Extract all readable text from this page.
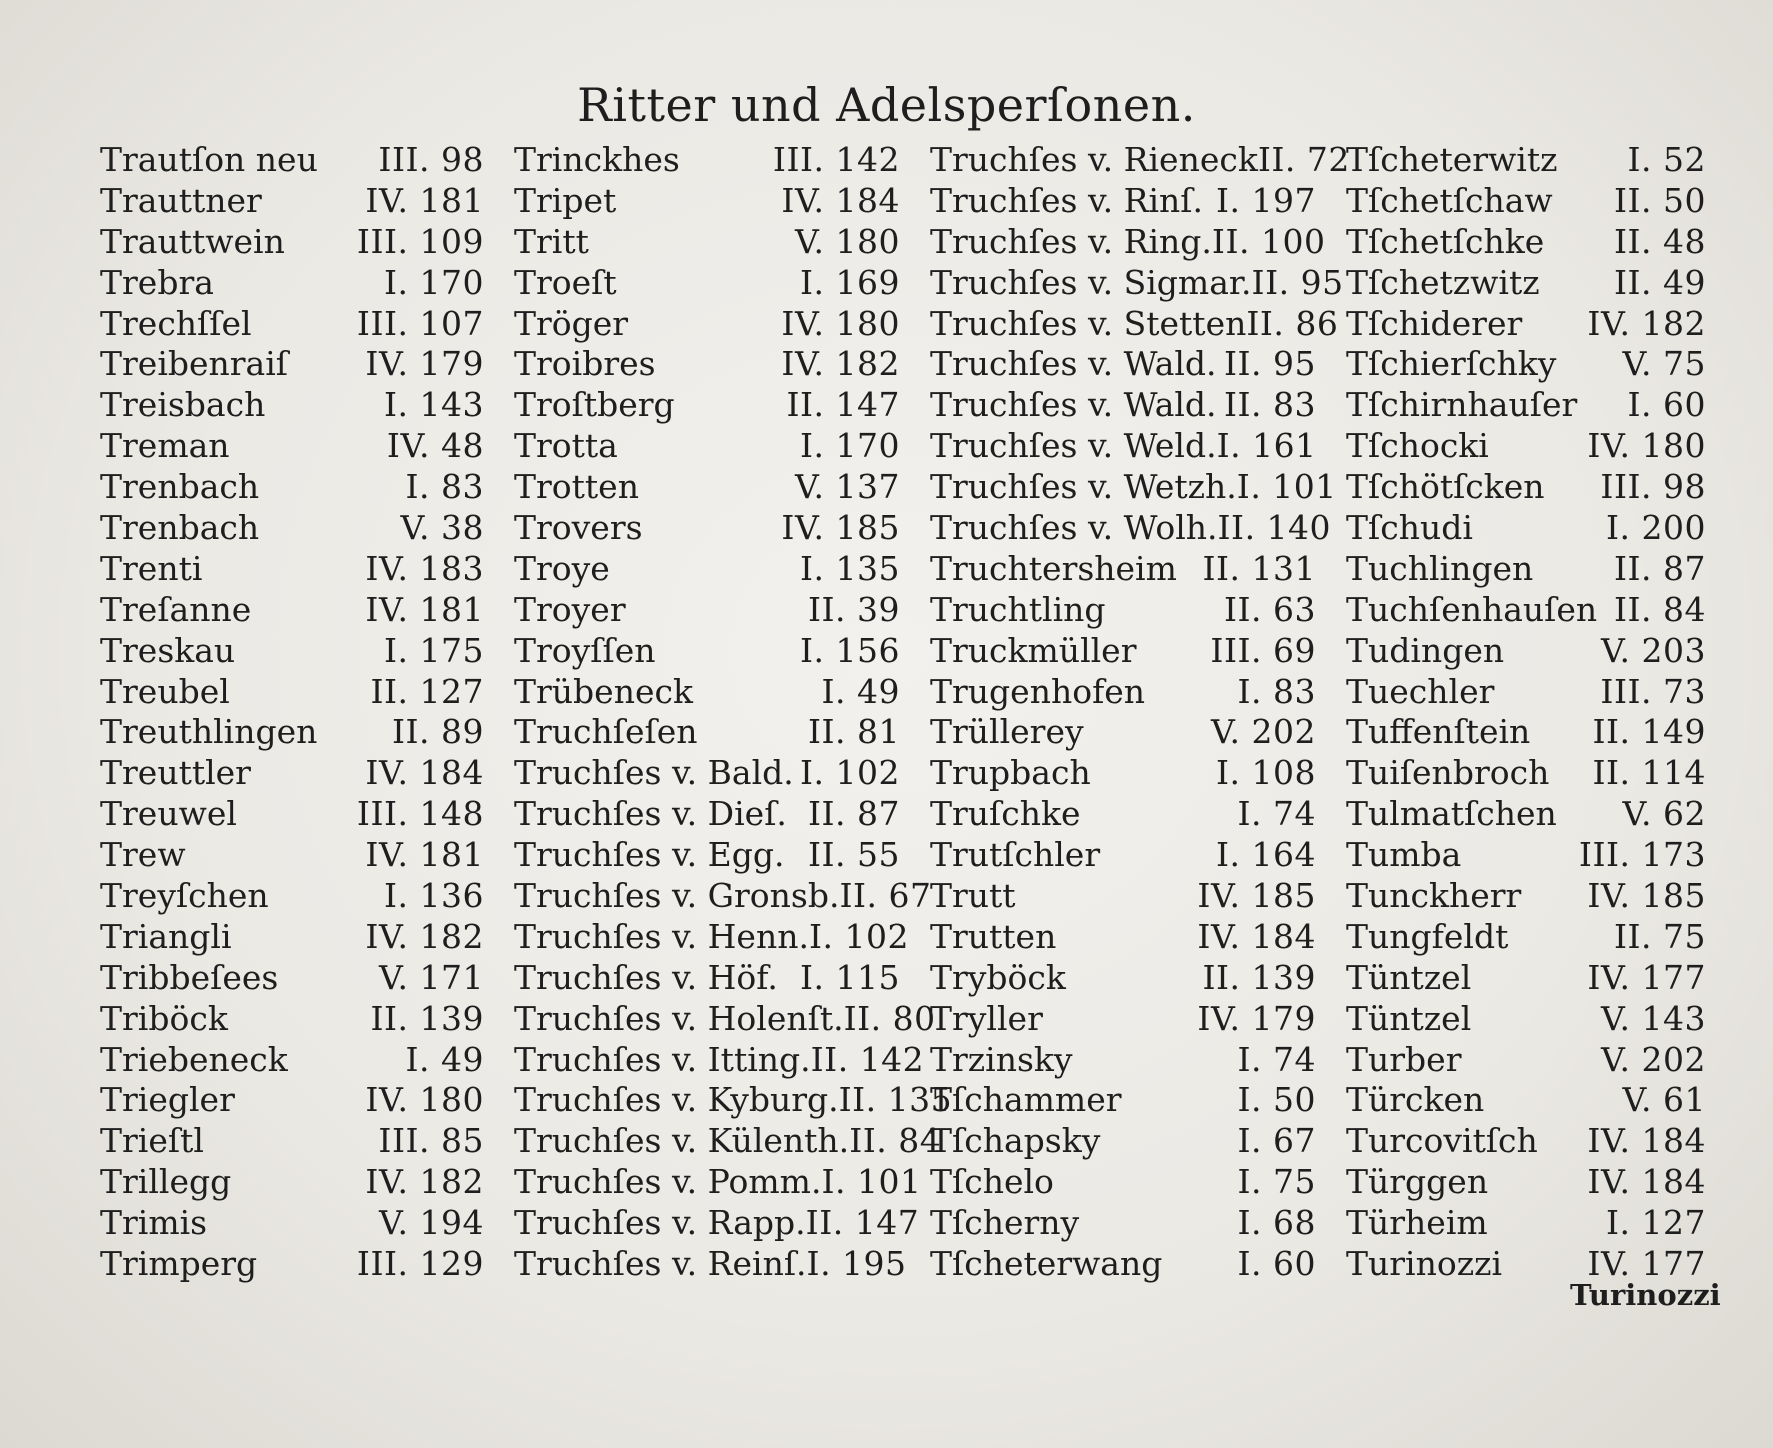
Ritter und Adelsperſonen.
Trautſon neu III. 98
Trauttner	IV. 181
Trauttwein III. 109
Trebra	I. 170
Trechſſel	III. 107
Treibenraiſ IV. 179
Treisbach	I. 143
Treman	IV. 48
Trenbach	I. 83
Trenbach	V. 38
Trenti	IV. 183
Treſanne	IV. 181
Treskau	I. 175
Treubel	II. 127
Treuthlingen II. 89
Treuttler	IV. 184
Treuwel	III. 148
Trew	IV. 181
Treyſchen	I. 136
Triangli	IV. 182
Tribbeſees	V. 171
Triböck	II. 139
Triebeneck	I. 49
Triegler	IV. 180
Trieſtl	III. 85
Trillegg	IV. 182
Trimis	V. 194
Trimperg	III. 129
Trinckhes	III. 142
Tripet	IV. 184
Tritt	V. 180
Troeſt	I. 169
Tröger	IV. 180
Troibres	IV. 182
Troſtberg	II. 147
Trotta	I. 170
Trotten	V. 137
Trovers	IV. 185
Troye	I. 135
Troyer	II. 39
Troyſſen	I. 156
Trübeneck	I. 49
Truchſeſen	II. 81
Truchſes v. Bald. I. 102
Truchſes v. Dieſ. II. 87
Truchſes v. Egg. II. 55
Truchſes v. Gronsb. II. 67
Truchſes v. Henn. I. 102
Truchſes v. Höf. I. 115
Truchſes v. Holenſt. II. 80
Truchſes v. Itting. II. 142
Truchſes v. Kyburg. II. 135
Truchſes v. Külenth. II. 84
Truchſes v. Pomm. I. 101
Truchſes v. Rapp. II. 147
Truchſes v. Reinſ. I. 195
Truchſes v. Rieneck II. 72
Truchſes v. Rinſ. I. 197
Truchſes v. Ring. II. 100
Truchſes v. Sigmar. II. 95
Truchſes v. Stetten II. 86
Truchſes v. Wald. II. 95
Truchſes v. Wald. II. 83
Truchſes v. Weld. I. 161
Truchſes v. Wetzh. I. 101
Truchſes v. Wolh. II. 140
Truchtersheim II. 131
Truchtling	II. 63
Truckmüller III. 69
Trugenhofen	I. 83
Trüllerey	V. 202
Trupbach	I. 108
Truſchke	I. 74
Trutſchler	I. 164
Trutt	IV. 185
Trutten	IV. 184
Tryböck	II. 139
Tryller	IV. 179
Trzinsky	I. 74
Tſchammer	I. 50
Tſchapsky	I. 67
Tſchelo	I. 75
Tſcherny	I. 68
Tſcheterwang I. 60
Tſcheterwitz I. 52
Tſchetſchaw II. 50
Tſchetſchke II. 48
Tſchetzwitz II. 49
Tſchiderer IV. 182
Tſchierſchky V. 75
Tſchirnhauſer I. 60
Tſchocki	IV. 180
Tſchötſcken III. 98
Tſchudi	I. 200
Tuchlingen II. 87
Tuchſenhauſen II. 84
Tudingen	V. 203
Tuechler	III. 73
Tuffenſtein II. 149
Tuiſenbroch II. 114
Tulmatſchen V. 62
Tumba	III. 173
Tunckherr IV. 185
Tungfeldt	II. 75
Tüntzel	IV. 177
Tüntzel	V. 143
Turber	V. 202
Türcken	V. 61
Turcovitſch IV. 184
Türggen	IV. 184
Türheim	I. 127
Turinozzi	IV. 177
Turinozzi
